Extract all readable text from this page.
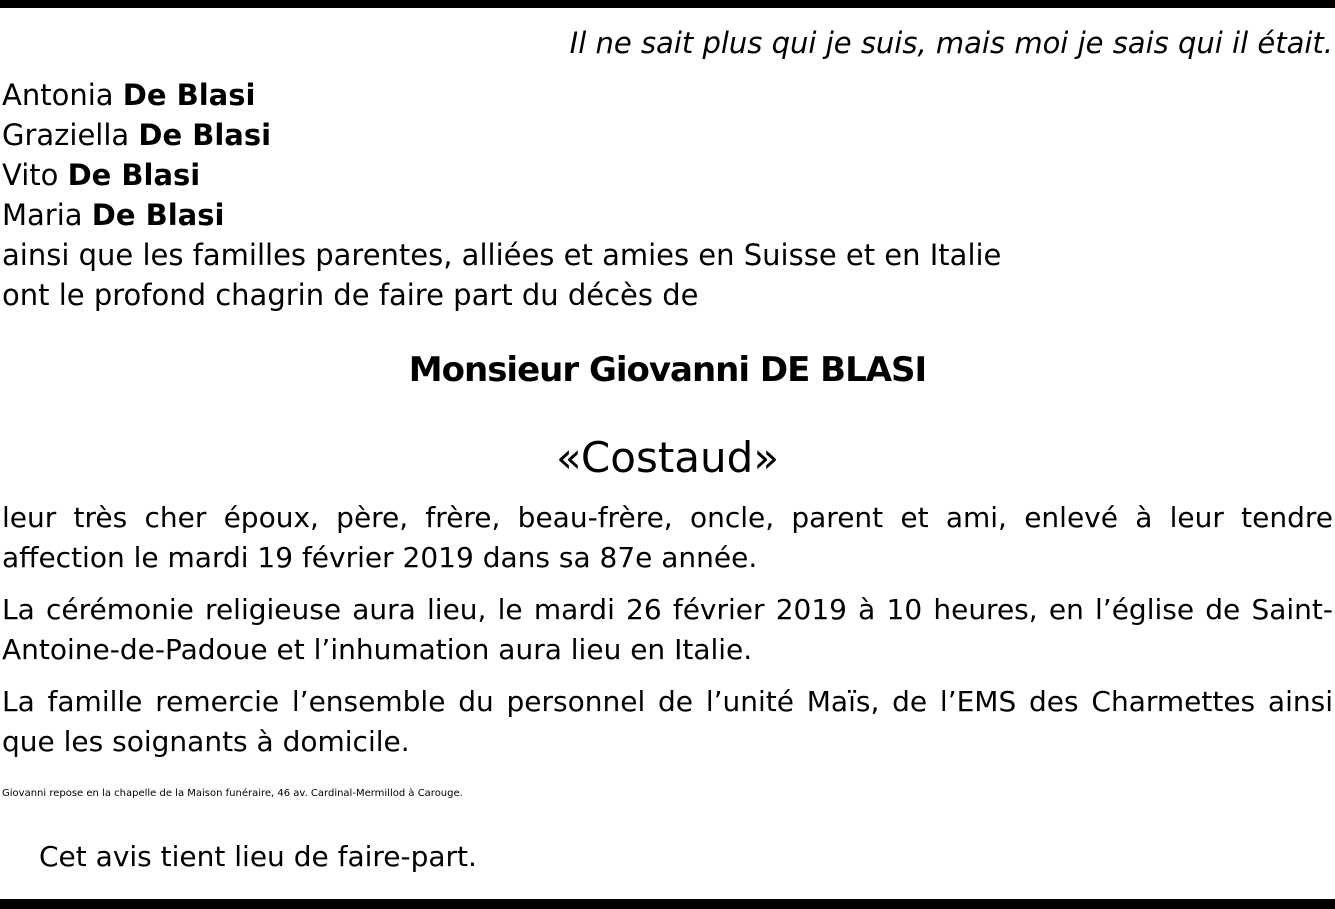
Il ne sait plus qui je suis, mais moi je sais qui il était.
Antonia De Blasi
Graziella De Blasi
Vito De Blasi
Maria De Blasi
ainsi que les familles parentes, alliées et amies en Suisse et en Italie
ont le profond chagrin de faire part du décès de
Monsieur Giovanni DE BLASI
«Costaud»

leur très cher époux, père, frère, beau-frère, oncle, parent et ami, enlevé à leur tendre affection le mardi 19 février 2019 dans sa 87e année.

La cérémonie religieuse aura lieu, le mardi 26 février 2019 à 10 heures, en l’église de Saint-Antoine-de-Padoue et l’inhumation aura lieu en Italie.

La famille remercie l’ensemble du personnel de l’unité Maïs, de l’EMS des Charmettes ainsi que les soignants à domicile.

Giovanni repose en la chapelle de la Maison funéraire, 46 av. Cardinal-Mermillod à Carouge.

Cet avis tient lieu de faire-part.
